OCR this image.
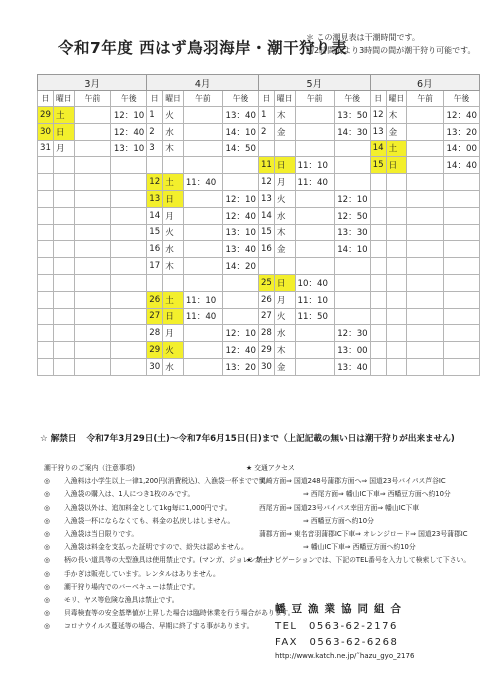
令和7年度 西はず鳥羽海岸・潮干狩り表
＊ この潮見表は干潮時間です。
約2時間前より3時間の間が潮干狩り可能です。
3月				4月				5月				6月			
日	曜日	午前	午後	日	曜日	午前	午後	日	曜日	午前	午後	日	曜日	午前	午後
29	土		12：10	1	火		13：40	1	木		13：50	12	木		12：40
30	日		12：40	2	水		14：10	2	金		14：30	13	金		13：20
31	月		13：10	3	木		14：50					14	土		14：00
								11	日	11：10		15	日		14：40
				12	土	11：40		12	月	11：40					
				13	日		12：10	13	火		12：10				
				14	月		12：40	14	水		12：50				
				15	火		13：10	15	木		13：30				
				16	水		13：40	16	金		14：10				
				17	木		14：20								
								25	日	10：40					
				26	土	11：10		26	月	11：10					
				27	日	11：40		27	火	11：50					
				28	月		12：10	28	水		12：30				
				29	火		12：40	29	木		13：00				
				30	水		13：20	30	金		13：40				
☆ 解禁日 令和7年3月29日(土)～令和7年6月15日(日)まで（上記記載の無い日は潮干狩りが出来ません)
潮干狩りのご案内（注意事項)
◎ 入漁料は小学生以上一律1,200円(消費税込)、入漁袋一杯までです。
◎ 入漁袋の購入は、1人につき1枚のみです。
◎ 入漁袋以外は、追加料金として1kg毎に1,000円です。
◎ 入漁袋一杯にならなくても、料金の払戻しはしません。
◎ 入漁袋は当日限りです。
◎ 入漁袋は料金を支払った証明ですので、紛失は認めません。
◎ 柄の長い道具等の大型漁具は使用禁止です。(マンガ、ジョレン禁止)
◎ 手かぎは販売しています。レンタルはありません。
◎ 潮干狩り場内でのバーベキューは禁止です。
◎ モリ、ヤス等危険な漁具は禁止です。
◎ 貝毒検査等の安全基準値が上昇した場合は臨時休業を行う場合があります。
◎ コロナウイルス蔓延等の場合、早期に終了する事があります。
★ 交通アクセス
岡崎方面⇒ 国道248号蒲郡方面へ⇒ 国道23号バイパス芦谷IC
⇒ 西尾方面⇒ 幡山IC下車⇒ 西幡豆方面へ約10分
西尾方面⇒ 国道23号バイパス幸田方面⇒ 幡山IC下車
⇒ 西幡豆方面へ約10分
蒲郡方面⇒ 東名音羽蒲郡IC下車⇒ オレンジロード⇒ 国道23号蒲郡IC
⇒ 幡山IC下車⇒ 西幡豆方面へ約10分
★ カーナビゲーションでは、下記のTEL番号を入力して検索して下さい。
幡豆漁業協同組合
TEL　0563-62-2176
FAX　0563-62-6268
http://www.katch.ne.jp/˜hazu_gyo_2176
